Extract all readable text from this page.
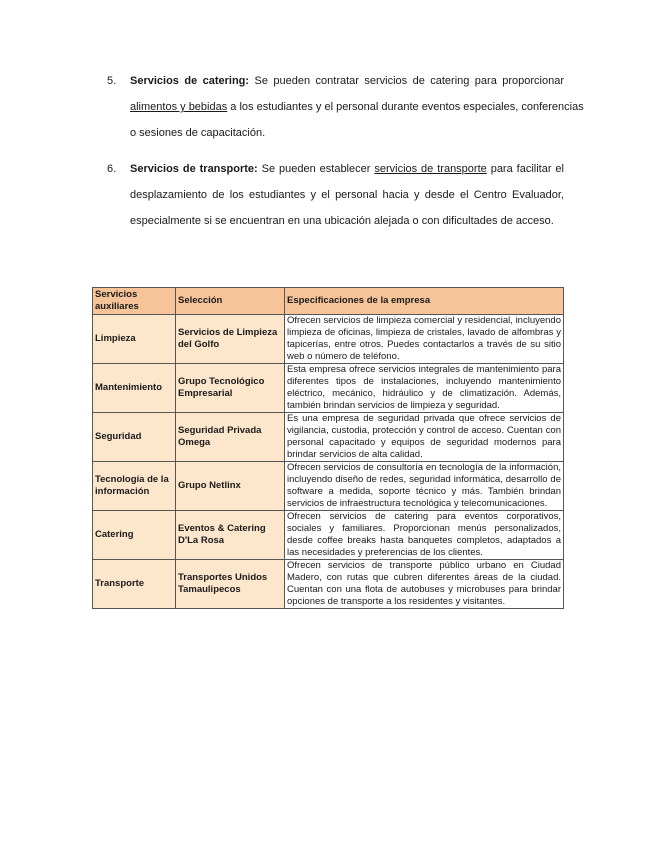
5. Servicios de catering: Se pueden contratar servicios de catering para proporcionar
alimentos y bebidas a los estudiantes y el personal durante eventos especiales, conferencias
o sesiones de capacitación.
6. Servicios de transporte: Se pueden establecer servicios de transporte para facilitar el
desplazamiento de los estudiantes y el personal hacia y desde el Centro Evaluador,
especialmente si se encuentran en una ubicación alejada o con dificultades de acceso.
Servicios auxiliares	Selección	Especificaciones de la empresa
Limpieza	Servicios de Limpieza del Golfo	Ofrecen servicios de limpieza comercial y residencial, incluyendo limpieza de oficinas, limpieza de cristales, lavado de alfombras y tapicerías, entre otros. Puedes contactarlos a través de su sitio web o número de teléfono.
Mantenimiento	Grupo Tecnológico Empresarial	Esta empresa ofrece servicios integrales de mantenimiento para diferentes tipos de instalaciones, incluyendo mantenimiento eléctrico, mecánico, hidráulico y de climatización. Además, también brindan servicios de limpieza y seguridad.
Seguridad	Seguridad Privada Omega	Es una empresa de seguridad privada que ofrece servicios de vigilancia, custodia, protección y control de acceso. Cuentan con personal capacitado y equipos de seguridad modernos para brindar servicios de alta calidad.
Tecnología de la información	Grupo Netlinx	Ofrecen servicios de consultoría en tecnología de la información, incluyendo diseño de redes, seguridad informática, desarrollo de software a medida, soporte técnico y más. También brindan servicios de infraestructura tecnológica y telecomunicaciones.
Catering	Eventos & Catering D'La Rosa	Ofrecen servicios de catering para eventos corporativos, sociales y familiares. Proporcionan menús personalizados, desde coffee breaks hasta banquetes completos, adaptados a las necesidades y preferencias de los clientes.
Transporte	Transportes Unidos Tamaulipecos	Ofrecen servicios de transporte público urbano en Ciudad Madero, con rutas que cubren diferentes áreas de la ciudad. Cuentan con una flota de autobuses y microbuses para brindar opciones de transporte a los residentes y visitantes.
